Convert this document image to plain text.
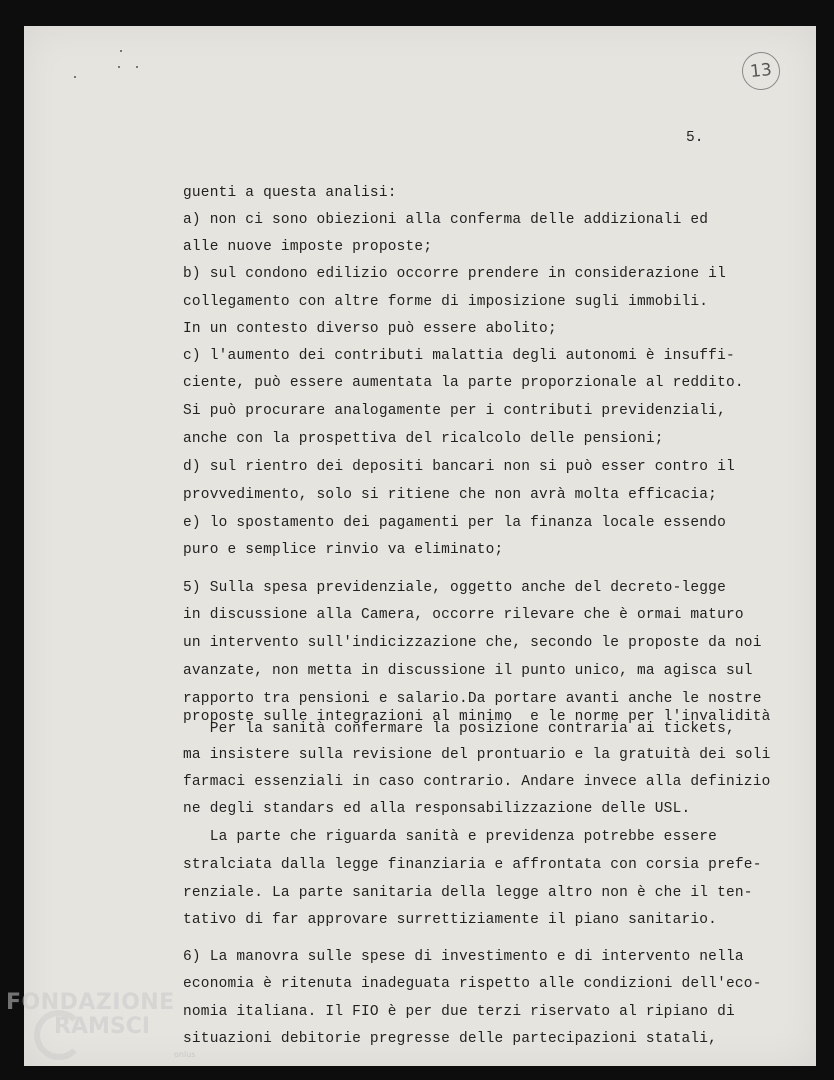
13
5.
guenti a questa analisi:
a) non ci sono obiezioni alla conferma delle addizionali ed
alle nuove imposte proposte;
b) sul condono edilizio occorre prendere in considerazione il
collegamento con altre forme di imposizione sugli immobili.
In un contesto diverso può essere abolito;
c) l'aumento dei contributi malattia degli autonomi è insuffi-
ciente, può essere aumentata la parte proporzionale al reddito.
Si può procurare analogamente per i contributi previdenziali,
anche con la prospettiva del ricalcolo delle pensioni;
d) sul rientro dei depositi bancari non si può esser contro il
provvedimento, solo si ritiene che non avrà molta efficacia;
e) lo spostamento dei pagamenti per la finanza locale essendo
puro e semplice rinvio va eliminato;
5) Sulla spesa previdenziale, oggetto anche del decreto-legge
in discussione alla Camera, occorre rilevare che è ormai maturo
un intervento sull'indicizzazione che, secondo le proposte da noi
avanzate, non metta in discussione il punto unico, ma agisca sul
rapporto tra pensioni e salario.Da portare avanti anche le nostre
proposte sulle integrazioni al minimo  e le norme per l'invalidità
Per la sanità confermare la posizione contraria ai tickets,
ma insistere sulla revisione del prontuario e la gratuità dei soli
farmaci essenziali in caso contrario. Andare invece alla definizio
ne degli standars ed alla responsabilizzazione delle USL.
La parte che riguarda sanità e previdenza potrebbe essere
stralciata dalla legge finanziaria e affrontata con corsia prefe-
renziale. La parte sanitaria della legge altro non è che il ten-
tativo di far approvare surrettiziamente il piano sanitario.
6) La manovra sulle spese di investimento e di intervento nella
economia è ritenuta inadeguata rispetto alle condizioni dell'eco-
nomia italiana. Il FIO è per due terzi riservato al ripiano di
situazioni debitorie pregresse delle partecipazioni statali,
FONDAZIONE
RAMSCI
onlus
